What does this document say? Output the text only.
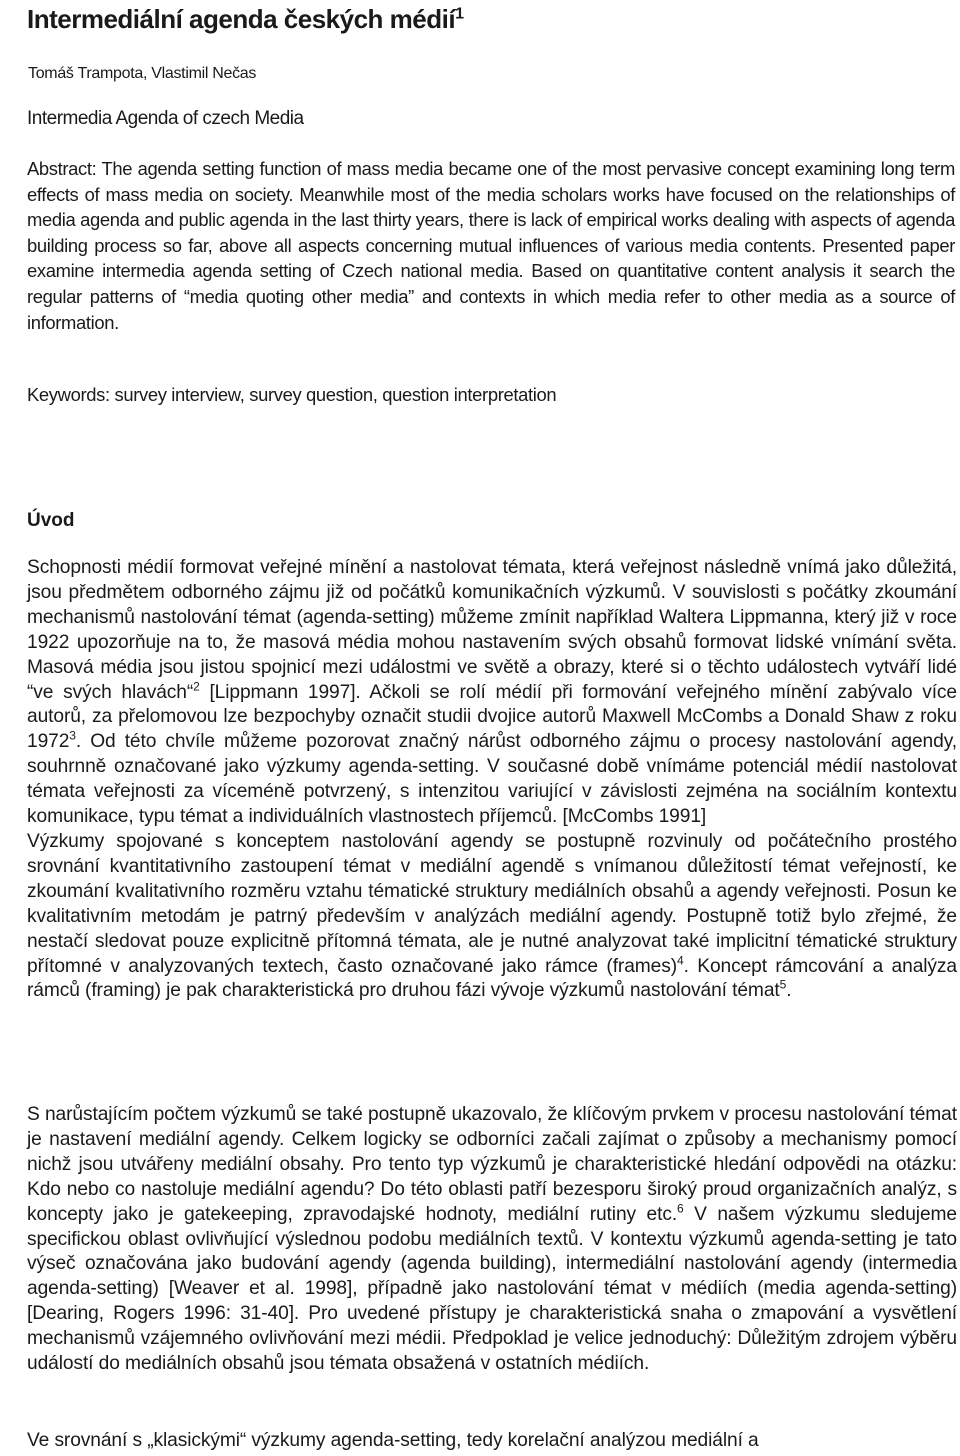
Intermediální agenda českých médií$^1$
Tomáš Trampota, Vlastimil Nečas
Intermedia Agenda of czech Media

Abstract: The agenda setting function of mass media became one of the most pervasive concept examining long term effects of mass media on society. Meanwhile most of the media scholars works have focused on the relationships of media agenda and public agenda in the last thirty years, there is lack of empirical works dealing with aspects of agenda building process so far, above all aspects concerning mutual influences of various media contents. Presented paper examine intermedia agenda setting of Czech national media. Based on quantitative content analysis it search the regular patterns of “media quoting other media” and contexts in which media refer to other media as a source of information.

Keywords: survey interview, survey question, question interpretation
Úvod

Schopnosti médií formovat veřejné mínění a nastolovat témata, která veřejnost následně vnímá jako důležitá, jsou předmětem odborného zájmu již od počátků komunikačních výzkumů. V souvislosti s počátky zkoumání mechanismů nastolování témat (agenda-setting) můžeme zmínit například Waltera Lippmanna, který již v roce 1922 upozorňuje na to, že masová média mohou nastavením svých obsahů formovat lidské vnímání světa. Masová média jsou jistou spojnicí mezi událostmi ve světě a obrazy, které si o těchto událostech vytváří lidé “ve svých hlavách“$^2$ [Lippmann 1997]. Ačkoli se rolí médií při formování veřejného mínění zabývalo více autorů, za přelomovou lze bezpochyby označit studii dvojice autorů Maxwell McCombs a Donald Shaw z roku 1972$^3$. Od této chvíle můžeme pozorovat značný nárůst odborného zájmu o procesy nastolování agendy, souhrnně označované jako výzkumy agenda-setting. V současné době vnímáme potenciál médií nastolovat témata veřejnosti za víceméně potvrzený, s intenzitou variující v závislosti zejména na sociálním kontextu komunikace, typu témat a individuálních vlastnostech příjemců. [McCombs 1991]
Výzkumy spojované s konceptem nastolování agendy se postupně rozvinuly od počátečního prostého srovnání kvantitativního zastoupení témat v mediální agendě s vnímanou důležitostí témat veřejností, ke zkoumání kvalitativního rozměru vztahu tématické struktury mediálních obsahů a agendy veřejnosti. Posun ke kvalitativním metodám je patrný především v analýzách mediální agendy. Postupně totiž bylo zřejmé, že nestačí sledovat pouze explicitně přítomná témata, ale je nutné analyzovat také implicitní tématické struktury přítomné v analyzovaných textech, často označované jako rámce (frames)$^4$. Koncept rámcování a analýza rámců (framing) je pak charakteristická pro druhou fázi vývoje výzkumů nastolování témat$^5$.

S narůstajícím počtem výzkumů se také postupně ukazovalo, že klíčovým prvkem v procesu nastolování témat je nastavení mediální agendy. Celkem logicky se odborníci začali zajímat o způsoby a mechanismy pomocí nichž jsou utvářeny mediální obsahy. Pro tento typ výzkumů je charakteristické hledání odpovědi na otázku: Kdo nebo co nastoluje mediální agendu? Do této oblasti patří bezesporu široký proud organizačních analýz, s koncepty jako je gatekeeping, zpravodajské hodnoty, mediální rutiny etc.$^6$ V našem výzkumu sledujeme specifickou oblast ovlivňující výslednou podobu mediálních textů. V kontextu výzkumů agenda-setting je tato výseč označována jako budování agendy (agenda building), intermediální nastolování agendy (intermedia agenda-setting) [Weaver et al. 1998], případně jako nastolování témat v médiích (media agenda-setting) [Dearing, Rogers 1996: 31-40]. Pro uvedené přístupy je charakteristická snaha o zmapování a vysvětlení mechanismů vzájemného ovlivňování mezi médii. Předpoklad je velice jednoduchý: Důležitým zdrojem výběru událostí do mediálních obsahů jsou témata obsažená v ostatních médiích.

Ve srovnání s „klasickými“ výzkumy agenda-setting, tedy korelační analýzou mediální a
